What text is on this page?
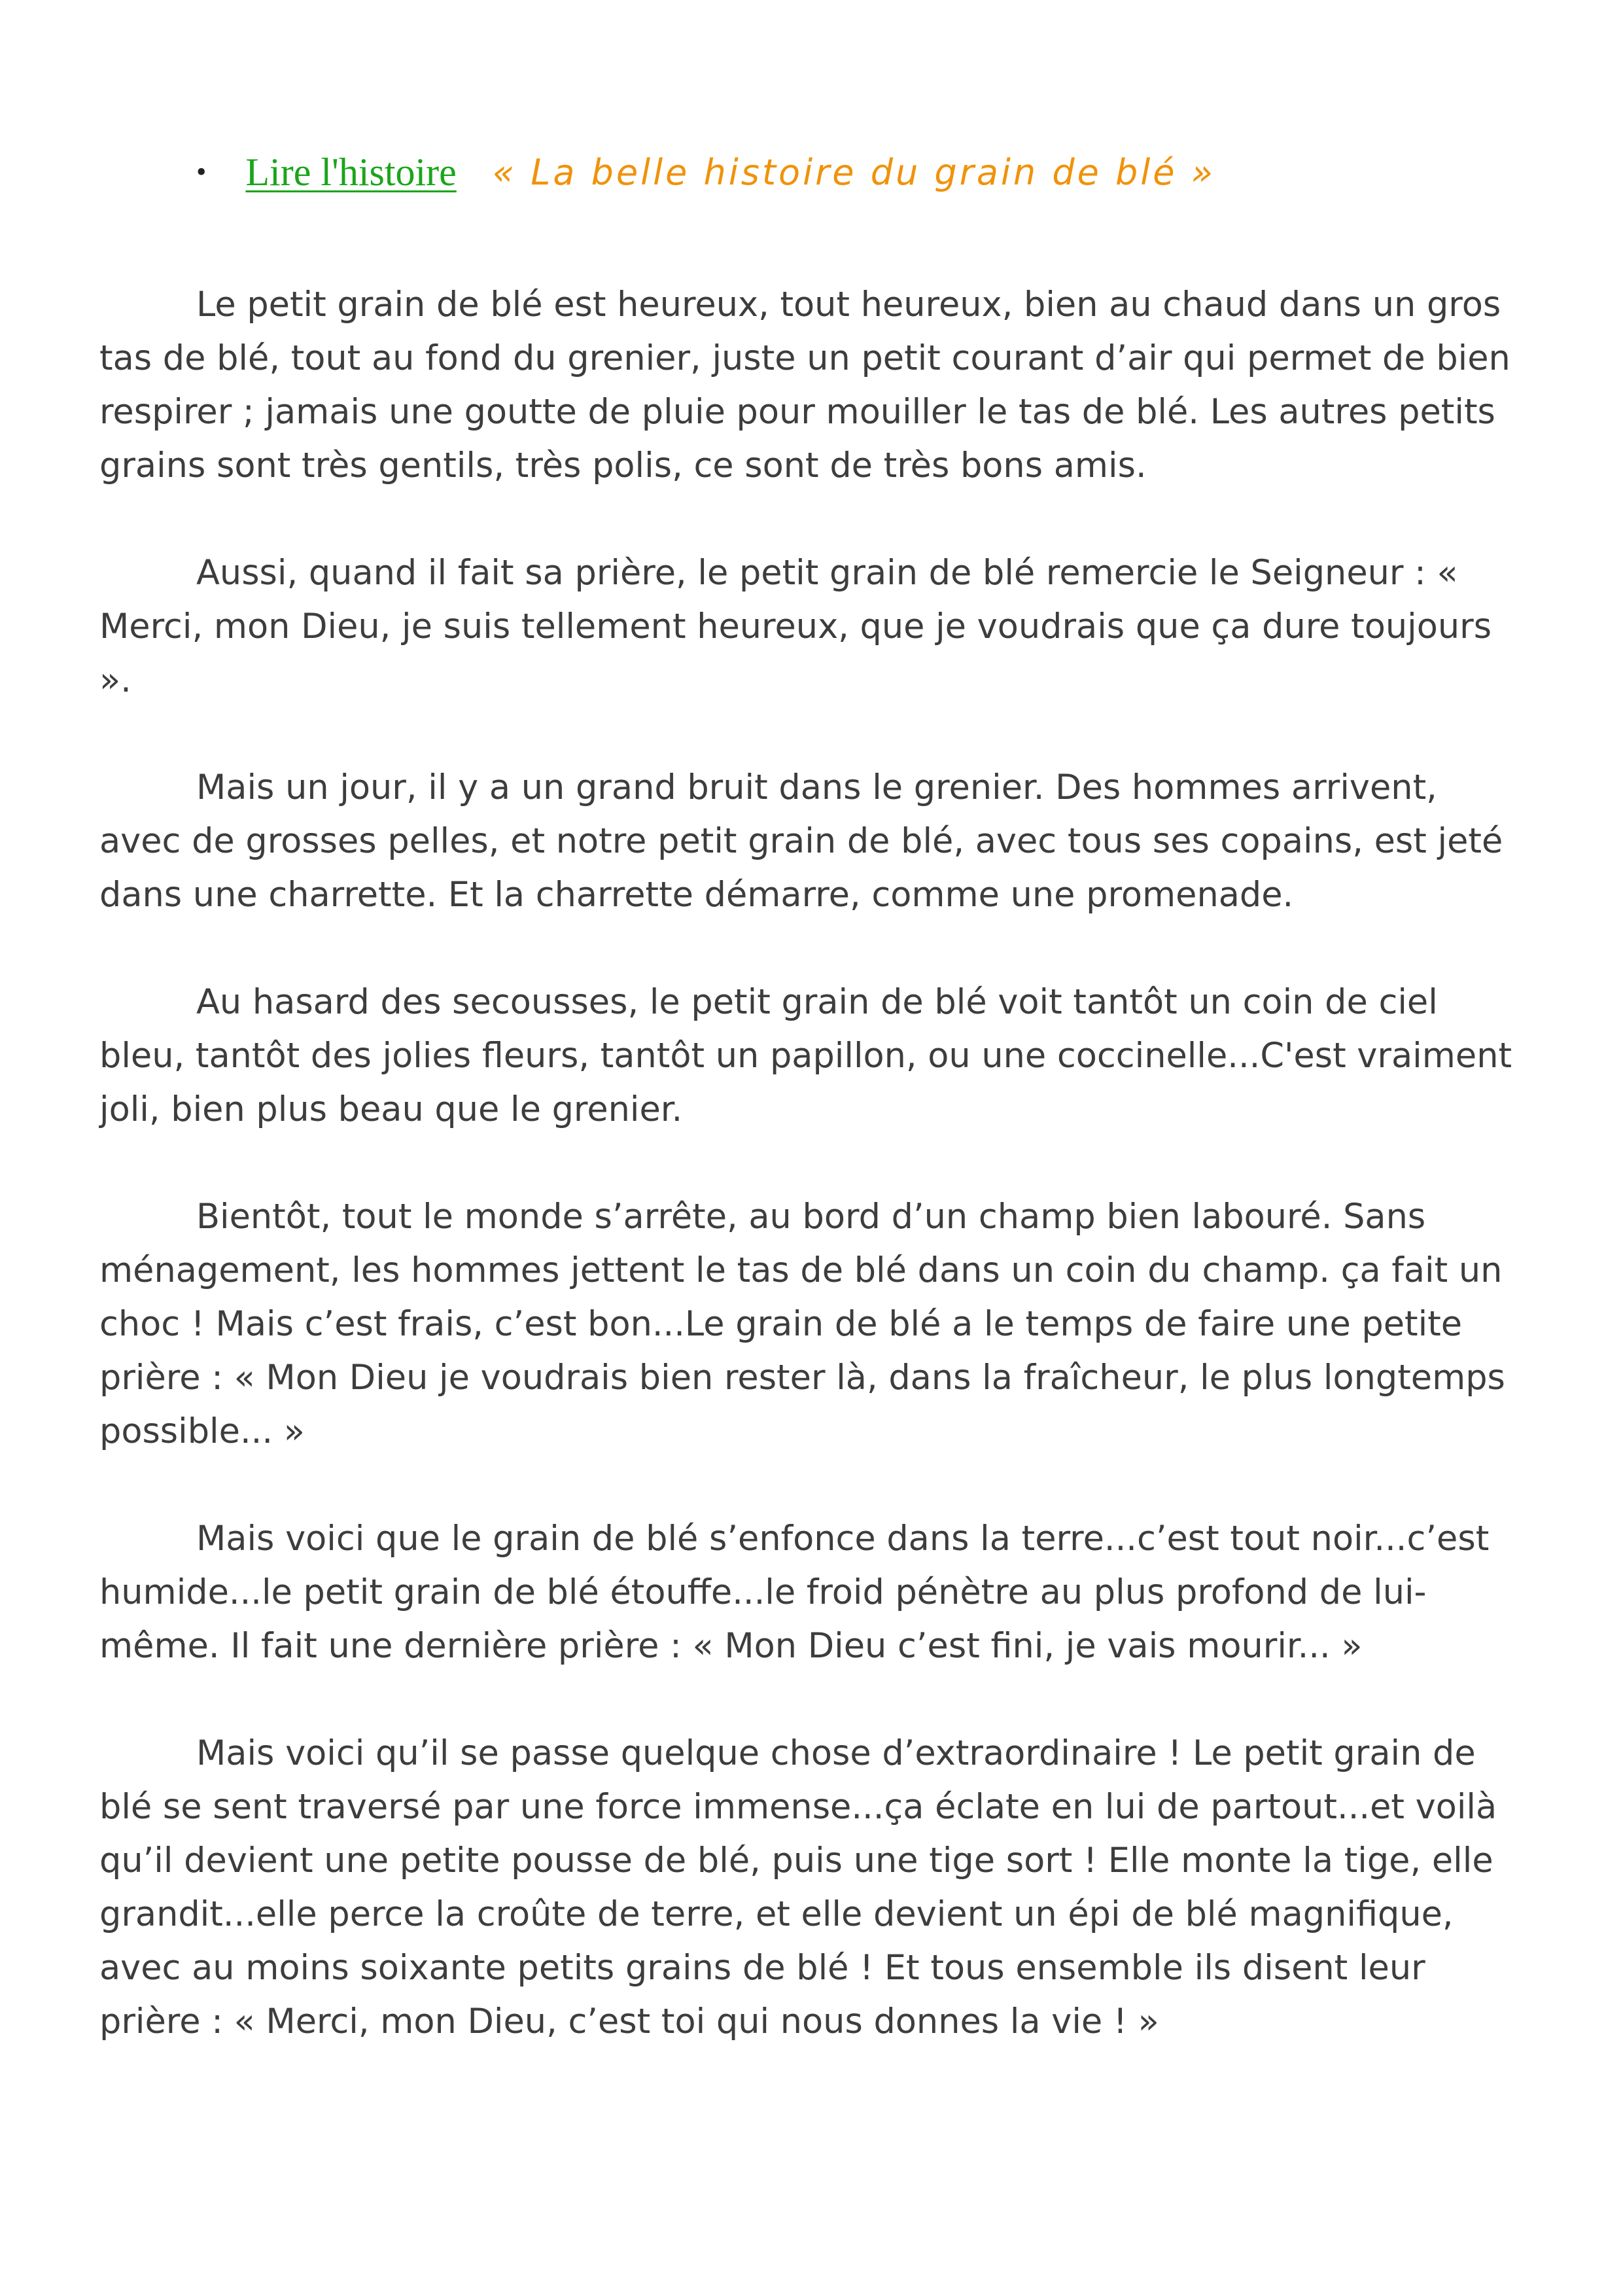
• Lire l'histoire « La belle histoire du grain de blé »

Le petit grain de blé est heureux, tout heureux, bien au chaud dans un gros tas de blé, tout au fond du grenier, juste un petit courant d’air qui permet de bien respirer ; jamais une goutte de pluie pour mouiller le tas de blé. Les autres petits grains sont très gentils, très polis, ce sont de très bons amis.

Aussi, quand il fait sa prière, le petit grain de blé remercie le Seigneur : « Merci, mon Dieu, je suis tellement heureux, que je voudrais que ça dure toujours ».

Mais un jour, il y a un grand bruit dans le grenier. Des hommes arrivent, avec de grosses pelles, et notre petit grain de blé, avec tous ses copains, est jeté dans une charrette. Et la charrette démarre, comme une promenade.

Au hasard des secousses, le petit grain de blé voit tantôt un coin de ciel bleu, tantôt des jolies fleurs, tantôt un papillon, ou une coccinelle...C'est vraiment joli, bien plus beau que le grenier.

Bientôt, tout le monde s’arrête, au bord d’un champ bien labouré. Sans ménagement, les hommes jettent le tas de blé dans un coin du champ. ça fait un choc ! Mais c’est frais, c’est bon...Le grain de blé a le temps de faire une petite prière : « Mon Dieu je voudrais bien rester là, dans la fraîcheur, le plus longtemps possible... »

Mais voici que le grain de blé s’enfonce dans la terre...c’est tout noir...c’est humide...le petit grain de blé étouffe...le froid pénètre au plus profond de lui-même. Il fait une dernière prière : « Mon Dieu c’est fini, je vais mourir... »

Mais voici qu’il se passe quelque chose d’extraordinaire ! Le petit grain de blé se sent traversé par une force immense...ça éclate en lui de partout...et voilà qu’il devient une petite pousse de blé, puis une tige sort ! Elle monte la tige, elle grandit...elle perce la croûte de terre, et elle devient un épi de blé magnifique, avec au moins soixante petits grains de blé ! Et tous ensemble ils disent leur prière : « Merci, mon Dieu, c’est toi qui nous donnes la vie ! »
